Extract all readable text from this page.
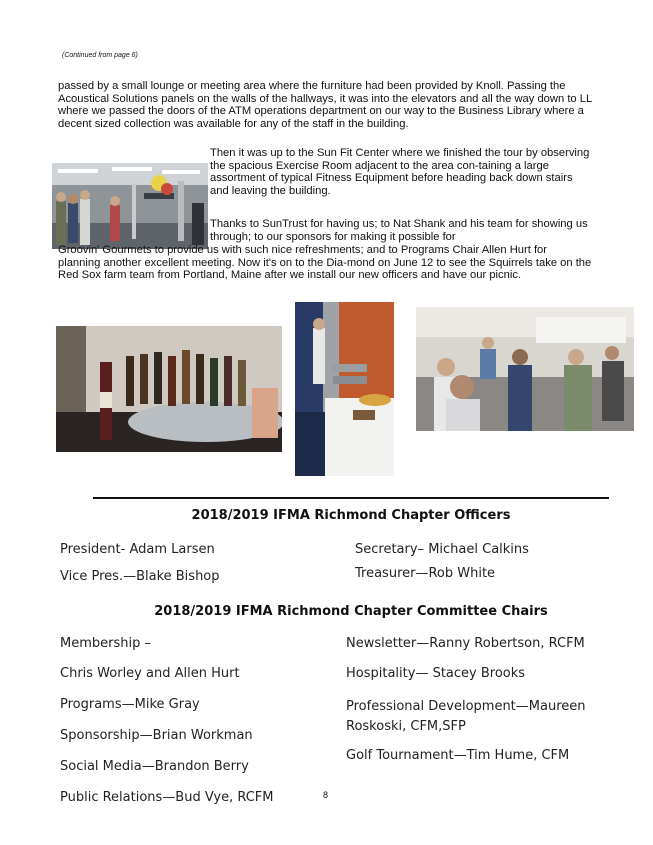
(Continued from page 6)

passed by a small lounge or meeting area where the furniture had been provided by Knoll. Passing the Acoustical Solutions panels on the walls of the hallways, it was into the elevators and all the way down to LL where we passed the doors of the ATM operations department on our way to the Business Library where a decent sized collection was available for any of the staff in the building.

Then it was up to the Sun Fit Center where we finished the tour by observing the spacious Exercise Room adjacent to the area con-taining a large assortment of typical Fitness Equipment before heading back down stairs and leaving the building.

Thanks to SunTrust for having us; to Nat Shank and his team for showing us through; to our sponsors for making it possible for

Groovin' Gourmets to provide us with such nice refreshments; and to Programs Chair Allen Hurt for planning another excellent meeting. Now it's on to the Dia-mond on June 12 to see the Squirrels take on the Red Sox farm team from Portland, Maine after we install our new officers and have our picnic.

2018/2019 IFMA Richmond Chapter Officers
President- Adam Larsen
Vice Pres.—Blake Bishop
Secretary– Michael Calkins
Treasurer—Rob White
2018/2019 IFMA Richmond Chapter Committee Chairs
Membership –
Chris Worley and Allen Hurt
Programs—Mike Gray
Sponsorship—Brian Workman
Social Media—Brandon Berry
Public Relations—Bud Vye, RCFM
Newsletter—Ranny Robertson, RCFM
Hospitality— Stacey Brooks
Professional Development—Maureen Roskoski, CFM,SFP
Golf Tournament—Tim Hume, CFM
8
